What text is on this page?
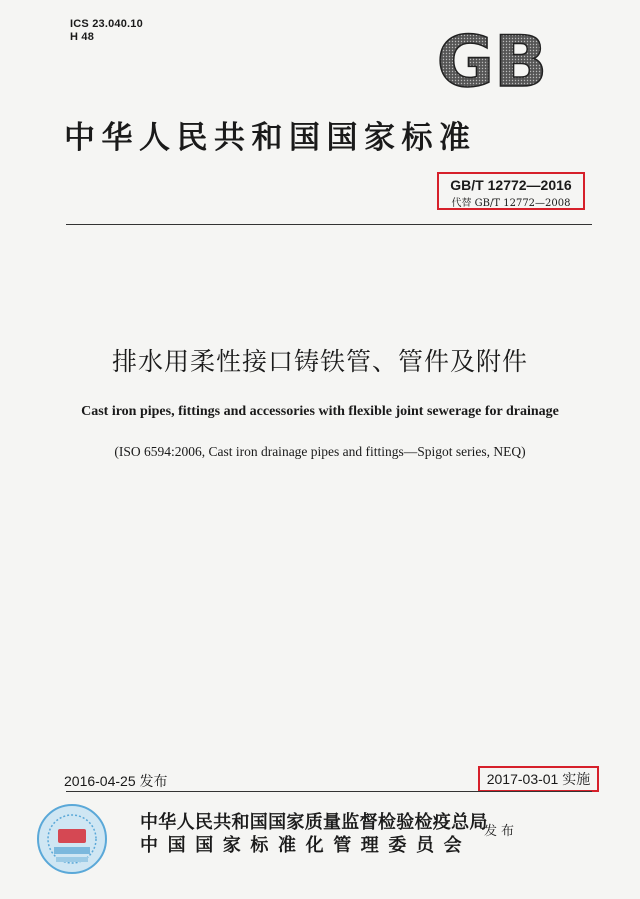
ICS 23.040.10
H 48	GB
中华人民共和国国家标准
GB/T 12772—2016
代替 GB/T 12772—2008
排水用柔性接口铸铁管、管件及附件
Cast iron pipes, fittings and accessories with flexible joint sewerage for drainage
(ISO 6594:2006, Cast iron drainage pipes and fittings—Spigot series, NEQ)
2016-04-25 发布	2017-03-01 实施
中华人民共和国国家质量监督检验检疫总局
中国国家标准化管理委员会
发布
